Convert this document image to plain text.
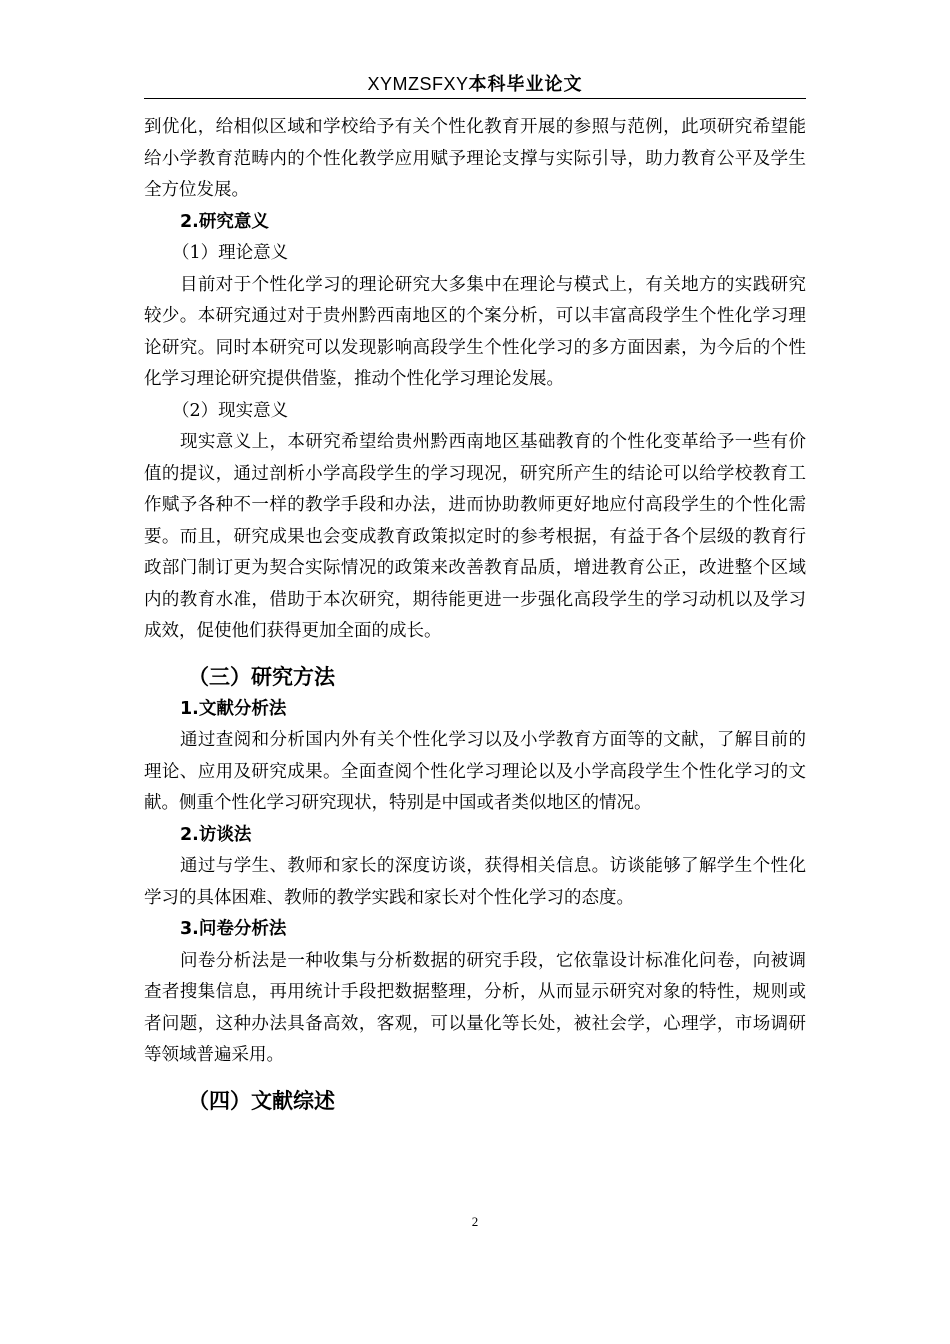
XYMZSFXY本科毕业论文

到优化，给相似区域和学校给予有关个性化教育开展的参照与范例，此项研究希望能给小学教育范畴内的个性化教学应用赋予理论支撑与实际引导，助力教育公平及学生全方位发展。

2.研究意义

（1）理论意义

目前对于个性化学习的理论研究大多集中在理论与模式上，有关地方的实践研究较少。本研究通过对于贵州黔西南地区的个案分析，可以丰富高段学生个性化学习理论研究。同时本研究可以发现影响高段学生个性化学习的多方面因素，为今后的个性化学习理论研究提供借鉴，推动个性化学习理论发展。

（2）现实意义

现实意义上，本研究希望给贵州黔西南地区基础教育的个性化变革给予一些有价值的提议，通过剖析小学高段学生的学习现况，研究所产生的结论可以给学校教育工作赋予各种不一样的教学手段和办法，进而协助教师更好地应付高段学生的个性化需要。而且，研究成果也会变成教育政策拟定时的参考根据，有益于各个层级的教育行政部门制订更为契合实际情况的政策来改善教育品质，增进教育公正，改进整个区域内的教育水准，借助于本次研究，期待能更进一步强化高段学生的学习动机以及学习成效，促使他们获得更加全面的成长。

（三）研究方法

1.文献分析法

通过查阅和分析国内外有关个性化学习以及小学教育方面等的文献，了解目前的理论、应用及研究成果。全面查阅个性化学习理论以及小学高段学生个性化学习的文献。侧重个性化学习研究现状，特别是中国或者类似地区的情况。

2.访谈法

通过与学生、教师和家长的深度访谈，获得相关信息。访谈能够了解学生个性化学习的具体困难、教师的教学实践和家长对个性化学习的态度。

3.问卷分析法

问卷分析法是一种收集与分析数据的研究手段，它依靠设计标准化问卷，向被调查者搜集信息，再用统计手段把数据整理，分析，从而显示研究对象的特性，规则或者问题，这种办法具备高效，客观，可以量化等长处，被社会学，心理学，市场调研等领域普遍采用。

（四）文献综述

2
